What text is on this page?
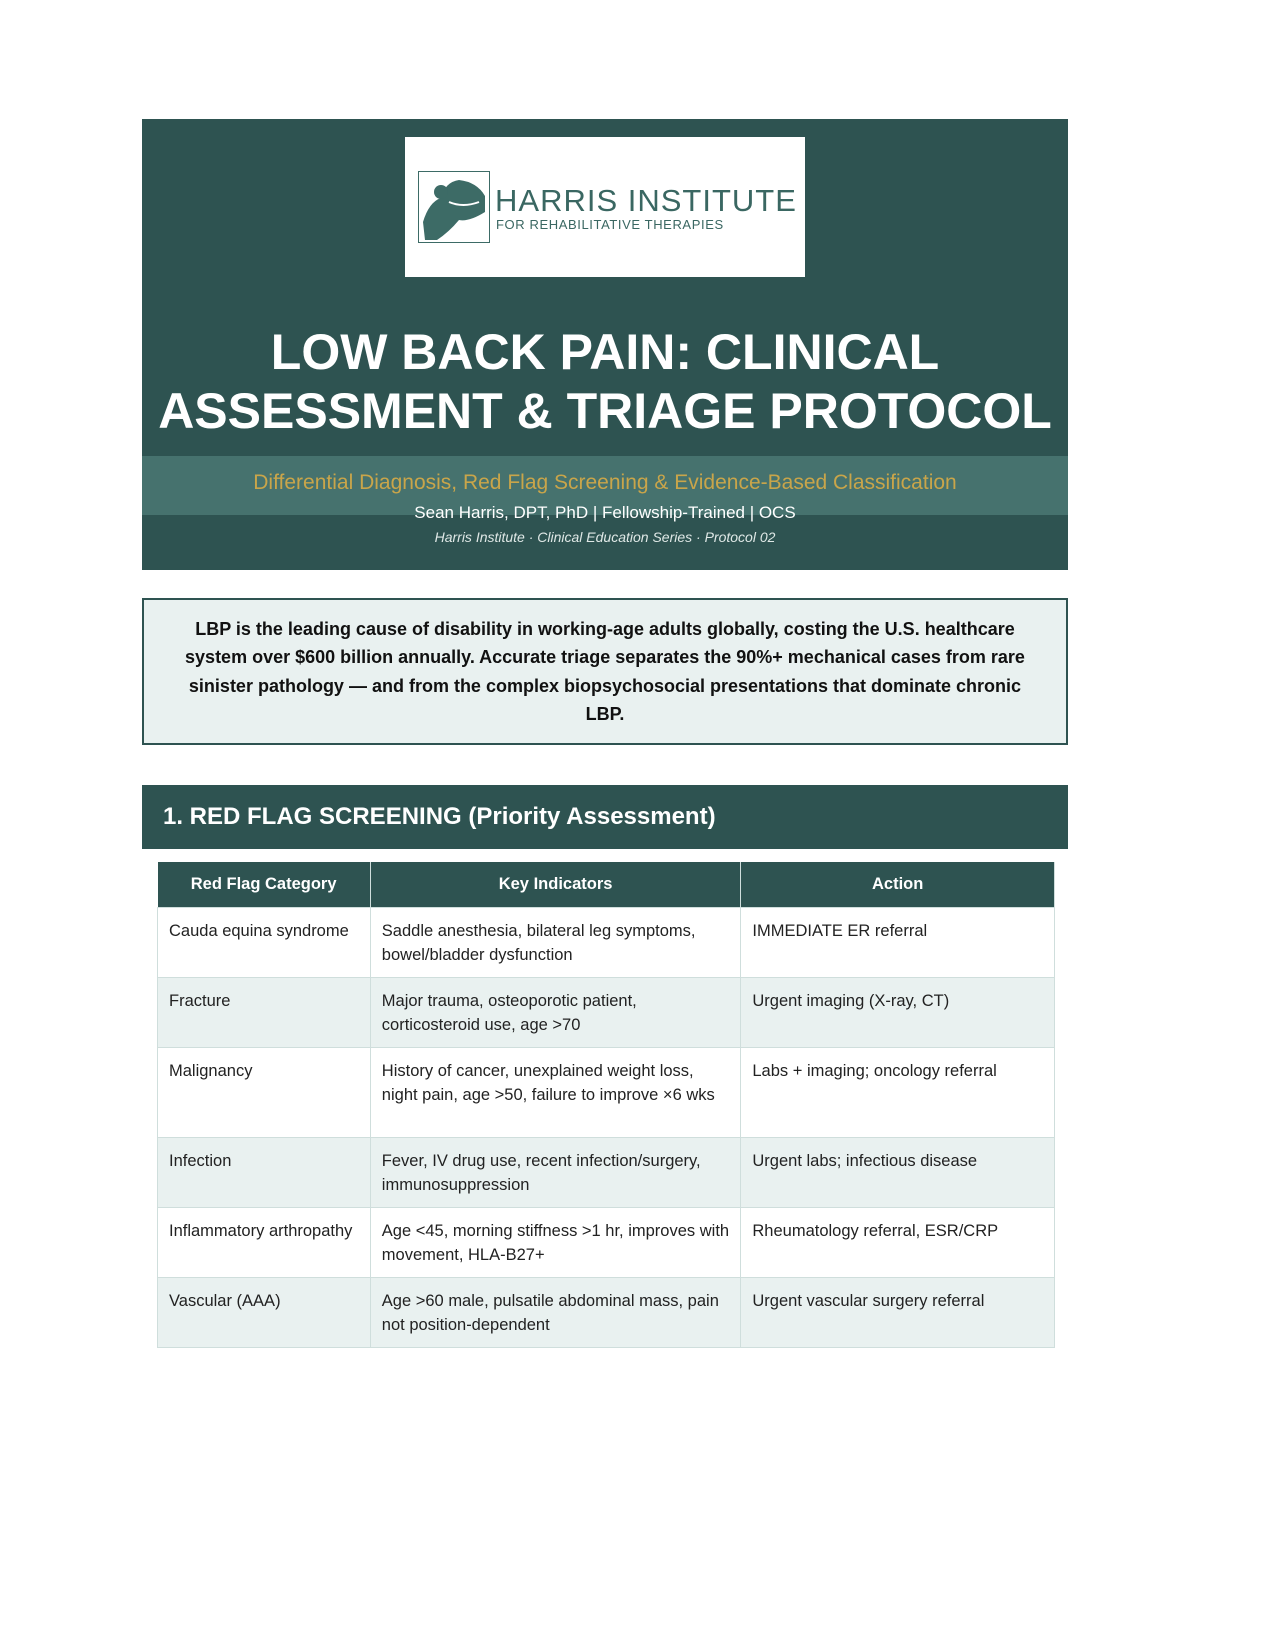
HARRIS INSTITUTE
FOR REHABILITATIVE THERAPIES
LOW BACK PAIN: CLINICAL
ASSESSMENT & TRIAGE PROTOCOL
Differential Diagnosis, Red Flag Screening & Evidence-Based Classification
Sean Harris, DPT, PhD | Fellowship-Trained | OCS
Harris Institute · Clinical Education Series · Protocol 02

LBP is the leading cause of disability in working-age adults globally, costing the U.S. healthcare system over $600 billion annually. Accurate triage separates the 90%+ mechanical cases from rare sinister pathology — and from the complex biopsychosocial presentations that dominate chronic LBP.

1. RED FLAG SCREENING (Priority Assessment)
Red Flag Category	Key Indicators	Action
Cauda equina syndrome	Saddle anesthesia, bilateral leg symptoms, bowel/bladder dysfunction	IMMEDIATE ER referral
Fracture	Major trauma, osteoporotic patient, corticosteroid use, age >70	Urgent imaging (X-ray, CT)
Malignancy	History of cancer, unexplained weight loss, night pain, age >50, failure to improve ×6 wks	Labs + imaging; oncology referral
Infection	Fever, IV drug use, recent infection/surgery, immunosuppression	Urgent labs; infectious disease
Inflammatory arthropathy	Age <45, morning stiffness >1 hr, improves with movement, HLA-B27+	Rheumatology referral, ESR/CRP
Vascular (AAA)	Age >60 male, pulsatile abdominal mass, pain not position-dependent	Urgent vascular surgery referral
